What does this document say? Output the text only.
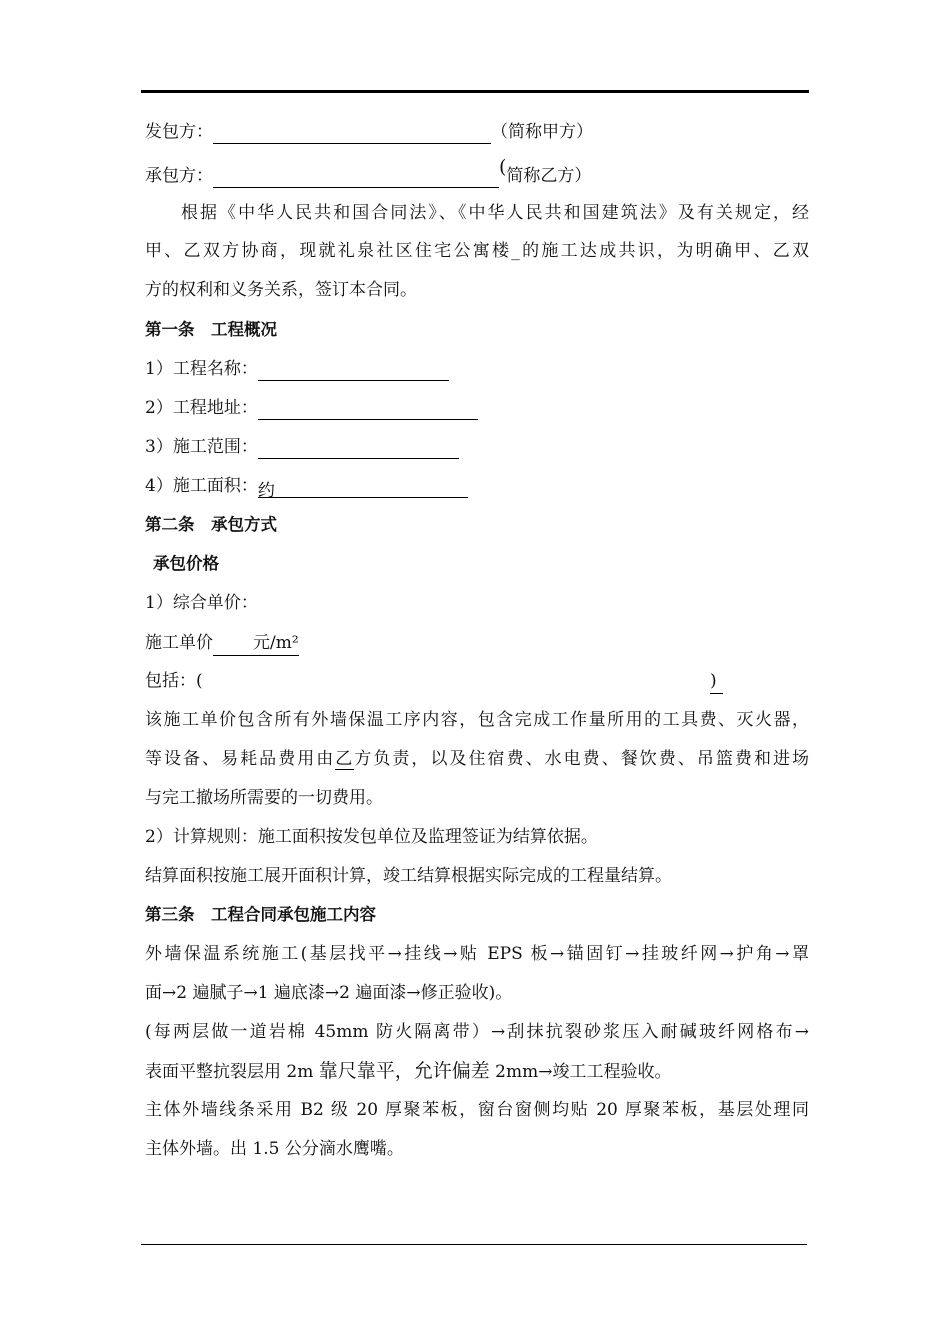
发包方：	（简称甲方）
承包方：	(简称乙方）
根据《中华人民共和国合同法》、《中华人民共和国建筑法》及有关规定，经
甲、乙双方协商，现就礼泉社区住宅公寓楼_的施工达成共识，为明确甲、乙双
方的权利和义务关系，签订本合同。
第一条　工程概况
1）工程名称：
2）工程地址：
3）施工范围：
4）施工面积：约
第二条　承包方式
承包价格
1）综合单价：
施工单价 元/m²
包括：(	)
该施工单价包含所有外墙保温工序内容，包含完成工作量所用的工具费、灭火器，
等设备、易耗品费用由乙方负责，以及住宿费、水电费、餐饮费、吊篮费和进场
与完工撤场所需要的一切费用。
2）计算规则：施工面积按发包单位及监理签证为结算依据。
结算面积按施工展开面积计算，竣工结算根据实际完成的工程量结算。
第三条　工程合同承包施工内容
外墙保温系统施工(基层找平→挂线→贴 EPS 板→锚固钉→挂玻纤网→护角→罩
面→2 遍腻子→1 遍底漆→2 遍面漆→修正验收)。
(每两层做一道岩棉 45mm 防火隔离带）→刮抹抗裂砂浆压入耐碱玻纤网格布→
表面平整抗裂层用 2m 靠尺靠平，允许偏差 2mm→竣工工程验收。
主体外墙线条采用 B2 级 20 厚聚苯板，窗台窗侧均贴 20 厚聚苯板，基层处理同
主体外墙。出 1.5 公分滴水鹰嘴。
